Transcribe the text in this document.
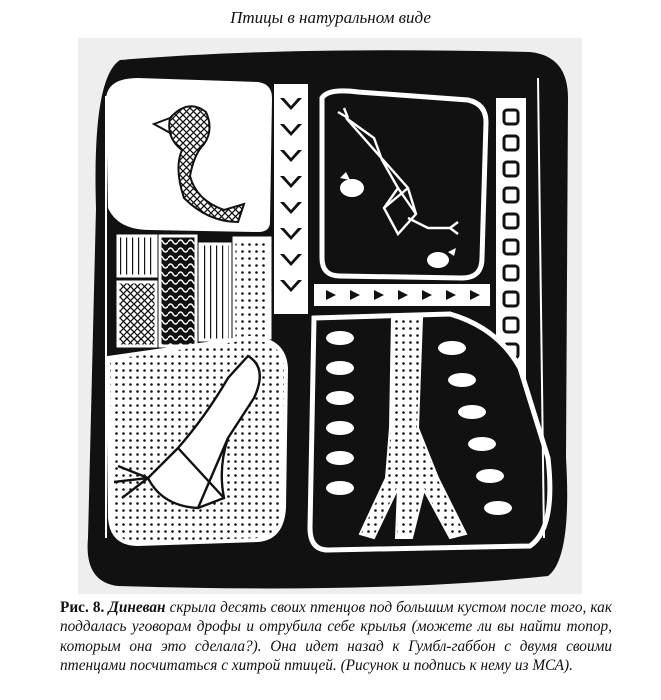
Птицы в натуральном виде
Рис. 8. Диневан скрыла десять своих птенцов под большим кустом после того, как поддалась уговорам дрофы и отрубила себе крылья (можете ли вы найти топор, которым она это сделала?). Она идет назад к Гумбл-габбон с двумя своими птенцами посчитаться с хитрой птицей. (Рисунок и подпись к нему из МСА).
